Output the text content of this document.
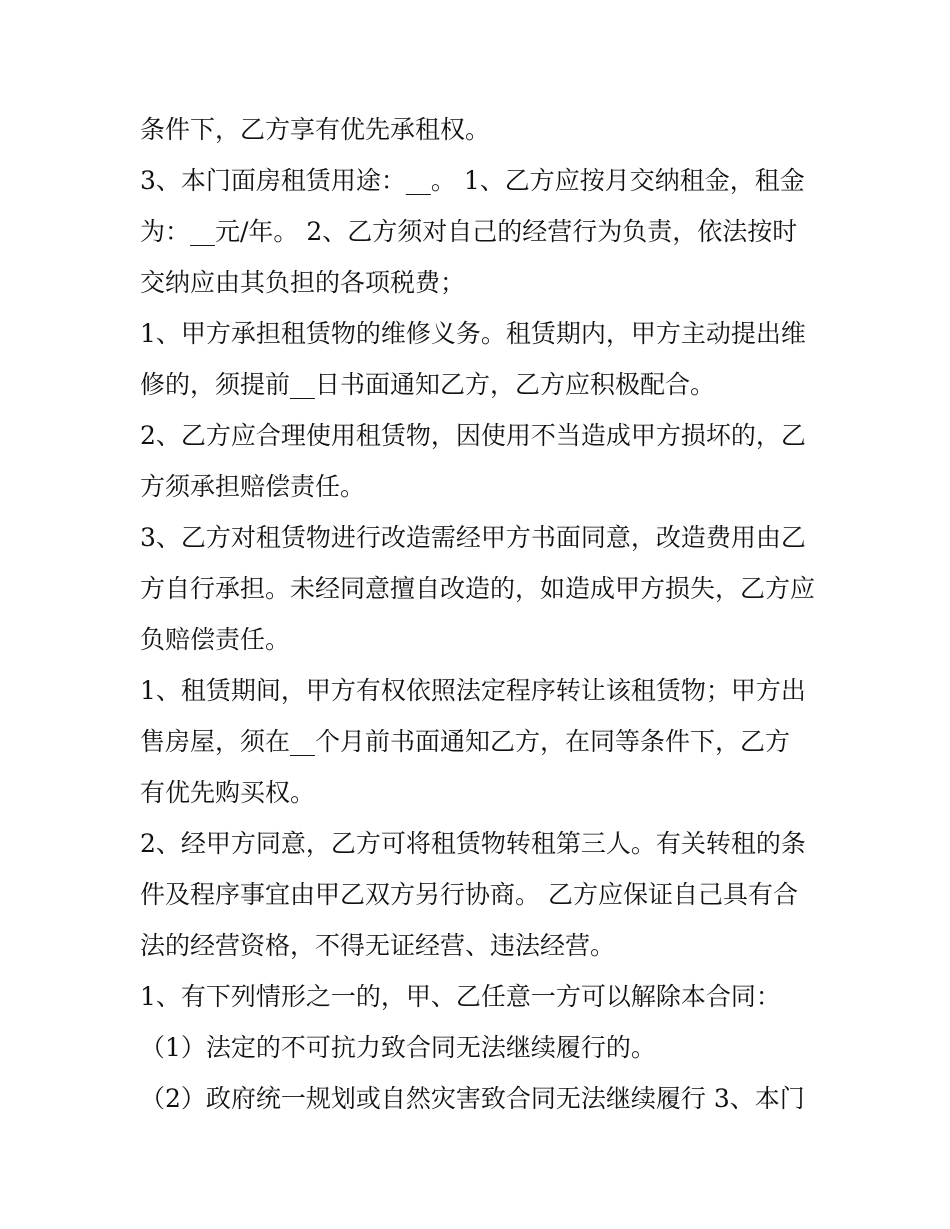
条件下，乙方享有优先承租权。
3、本门面房租赁用途：__。 1、乙方应按月交纳租金，租金
为：__元/年。 2、乙方须对自己的经营行为负责，依法按时
交纳应由其负担的各项税费；
1、甲方承担租赁物的维修义务。租赁期内，甲方主动提出维
修的，须提前__日书面通知乙方，乙方应积极配合。
2、乙方应合理使用租赁物，因使用不当造成甲方损坏的，乙
方须承担赔偿责任。
3、乙方对租赁物进行改造需经甲方书面同意，改造费用由乙
方自行承担。未经同意擅自改造的，如造成甲方损失，乙方应
负赔偿责任。
1、租赁期间，甲方有权依照法定程序转让该租赁物；甲方出
售房屋，须在__个月前书面通知乙方，在同等条件下，乙方
有优先购买权。
2、经甲方同意，乙方可将租赁物转租第三人。有关转租的条
件及程序事宜由甲乙双方另行协商。 乙方应保证自己具有合
法的经营资格，不得无证经营、违法经营。
1、有下列情形之一的，甲、乙任意一方可以解除本合同：
（1）法定的不可抗力致合同无法继续履行的。
（2）政府统一规划或自然灾害致合同无法继续履行 3、本门
